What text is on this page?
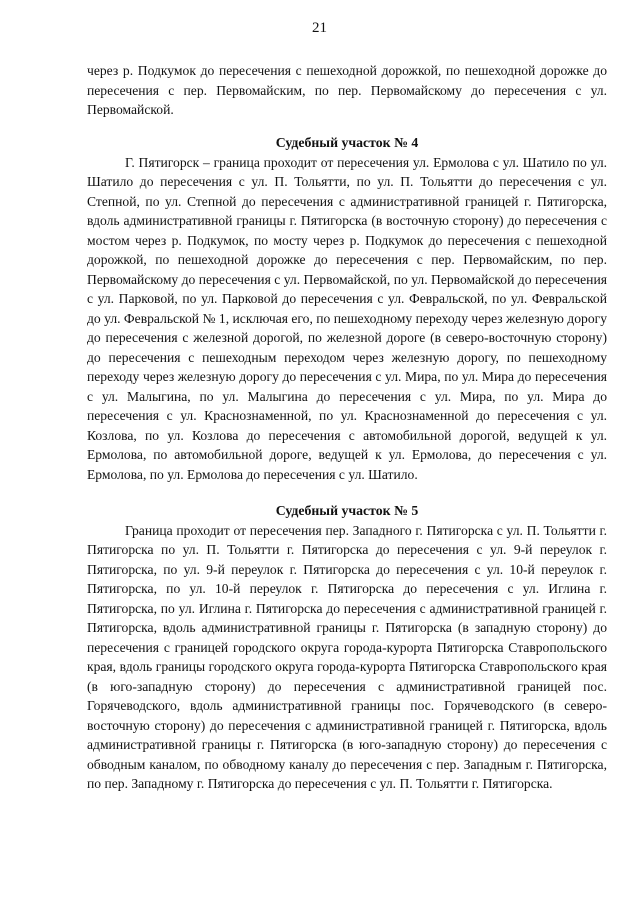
21

через р. Подкумок до пересечения с пешеходной дорожкой, по пешеходной дорожке до пересечения с пер. Первомайским, по пер. Первомайскому до пересечения с ул. Первомайской.

Судебный участок № 4

Г. Пятигорск – граница проходит от пересечения ул. Ермолова с ул. Шатило по ул. Шатило до пересечения с ул. П. Тольятти, по ул. П. Тольятти до пересечения с ул. Степной, по ул. Степной до пересечения с административной границей г. Пятигорска, вдоль административной границы г. Пятигорска (в восточную сторону) до пересечения с мостом через р. Подкумок, по мосту через р. Подкумок до пересечения с пешеходной дорожкой, по пешеходной дорожке до пересечения с пер. Первомайским, по пер. Первомайскому до пересечения с ул. Первомайской, по ул. Первомайской до пересечения с ул. Парковой, по ул. Парковой до пересечения с ул. Февральской, по ул. Февральской до ул. Февральской № 1, исключая его, по пешеходному переходу через железную дорогу до пересечения с железной дорогой, по железной дороге (в северо-восточную сторону) до пересечения с пешеходным переходом через железную дорогу, по пешеходному переходу через железную дорогу до пересечения с ул. Мира, по ул. Мира до пересечения с ул. Малыгина, по ул. Малыгина до пересечения с ул. Мира, по ул. Мира до пересечения с ул. Краснознаменной, по ул. Краснознаменной до пересечения с ул. Козлова, по ул. Козлова до пересечения с автомобильной дорогой, ведущей к ул. Ермолова, по автомобильной дороге, ведущей к ул. Ермолова, до пересечения с ул. Ермолова, по ул. Ермолова до пересечения с ул. Шатило.

Судебный участок № 5

Граница проходит от пересечения пер. Западного г. Пятигорска с ул. П. Тольятти г. Пятигорска по ул. П. Тольятти г. Пятигорска до пересечения с ул. 9-й переулок г. Пятигорска, по ул. 9-й переулок г. Пятигорска до пересечения с ул. 10-й переулок г. Пятигорска, по ул. 10-й переулок г. Пятигорска до пересечения с ул. Иглина г. Пятигорска, по ул. Иглина г. Пятигорска до пересечения с административной границей г. Пятигорска, вдоль административной границы г. Пятигорска (в западную сторону) до пересечения с границей городского округа города-курорта Пятигорска Ставропольского края, вдоль границы городского округа города-курорта Пятигорска Ставропольского края (в юго-западную сторону) до пересечения с административной границей пос. Горячеводского, вдоль административной границы пос. Горячеводского (в северо-восточную сторону) до пересечения с административной границей г. Пятигорска, вдоль административной границы г. Пятигорска (в юго-западную сторону) до пересечения с обводным каналом, по обводному каналу до пересечения с пер. Западным г. Пятигорска, по пер. Западному г. Пятигорска до пересечения с ул. П. Тольятти г. Пятигорска.
